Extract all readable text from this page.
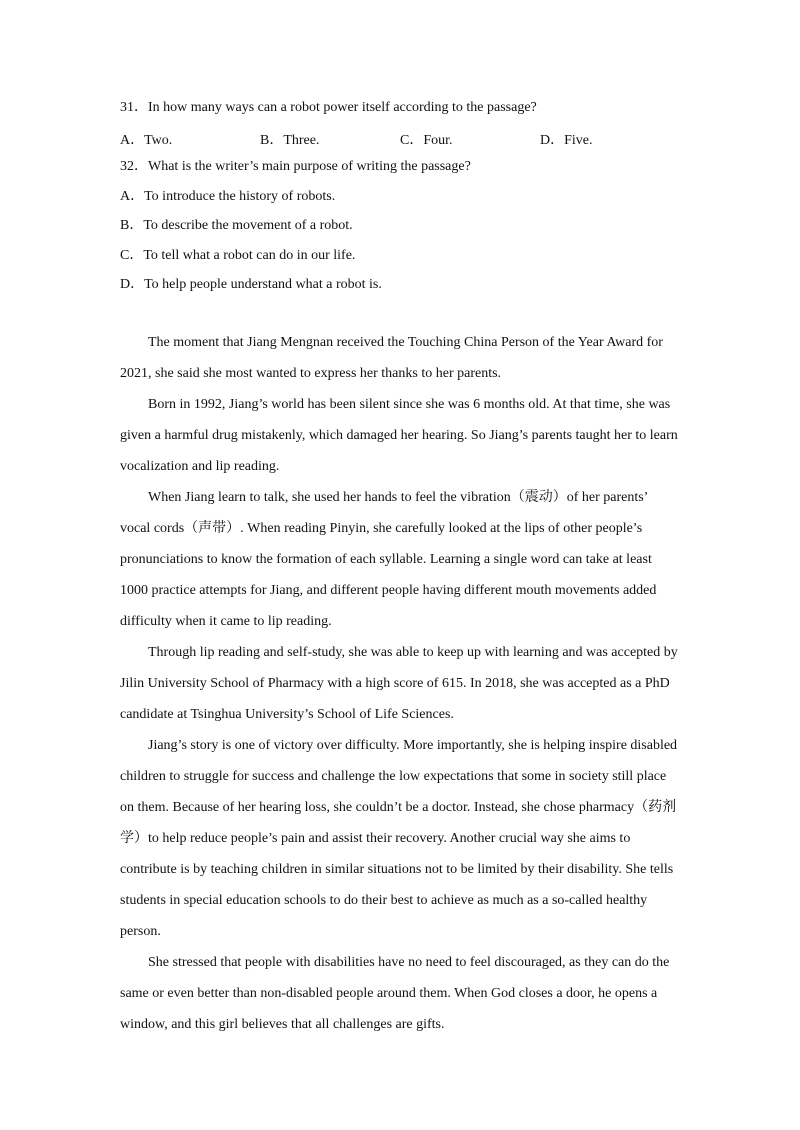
31．In how many ways can a robot power itself according to the passage?
A．Two.	B．Three.	C．Four.	D．Five.
32．What is the writer’s main purpose of writing the passage?
A．To introduce the history of robots.
B．To describe the movement of a robot.
C．To tell what a robot can do in our life.
D．To help people understand what a robot is.

The moment that Jiang Mengnan received the Touching China Person of the Year Award for 2021, she said she most wanted to express her thanks to her parents.

Born in 1992, Jiang’s world has been silent since she was 6 months old. At that time, she was given a harmful drug mistakenly, which damaged her hearing. So Jiang’s parents taught her to learn vocalization and lip reading.

When Jiang learn to talk, she used her hands to feel the vibration（震动）of her parents’ vocal cords（声带）. When reading Pinyin, she carefully looked at the lips of other people’s pronunciations to know the formation of each syllable. Learning a single word can take at least 1000 practice attempts for Jiang, and different people having different mouth movements added difficulty when it came to lip reading.

Through lip reading and self-study, she was able to keep up with learning and was accepted by Jilin University School of Pharmacy with a high score of 615. In 2018, she was accepted as a PhD candidate at Tsinghua University’s School of Life Sciences.

Jiang’s story is one of victory over difficulty. More importantly, she is helping inspire disabled children to struggle for success and challenge the low expectations that some in society still place on them. Because of her hearing loss, she couldn’t be a doctor. Instead, she chose pharmacy（药剂学）to help reduce people’s pain and assist their recovery. Another crucial way she aims to contribute is by teaching children in similar situations not to be limited by their disability. She tells students in special education schools to do their best to achieve as much as a so-called healthy person.

She stressed that people with disabilities have no need to feel discouraged, as they can do the same or even better than non-disabled people around them. When God closes a door, he opens a window, and this girl believes that all challenges are gifts.
